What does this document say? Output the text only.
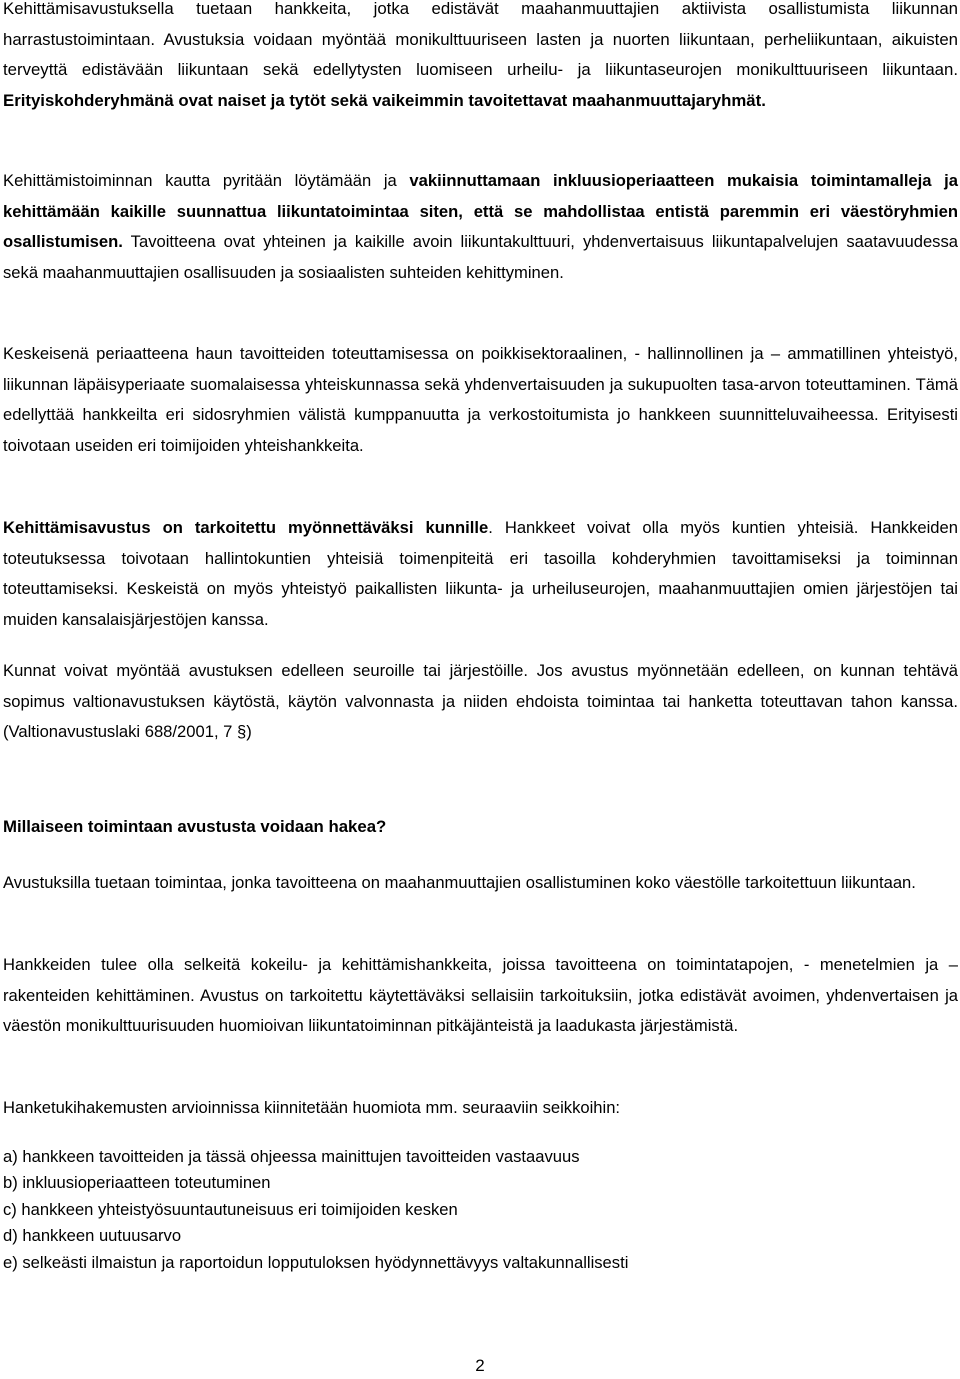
Kehittämisavustuksella tuetaan hankkeita, jotka edistävät maahanmuuttajien aktiivista osallistumista liikunnan harrastustoimintaan. Avustuksia voidaan myöntää monikulttuuriseen lasten ja nuorten liikuntaan, perheliikuntaan, aikuisten terveyttä edistävään liikuntaan sekä edellytysten luomiseen urheilu- ja liikuntaseurojen monikulttuuriseen liikuntaan. Erityiskohderyhmänä ovat naiset ja tytöt sekä vaikeimmin tavoitettavat maahanmuuttajaryhmät.

Kehittämistoiminnan kautta pyritään löytämään ja vakiinnuttamaan inkluusioperiaatteen mukaisia toimintamalleja ja kehittämään kaikille suunnattua liikuntatoimintaa siten, että se mahdollistaa entistä paremmin eri väestöryhmien osallistumisen. Tavoitteena ovat yhteinen ja kaikille avoin liikuntakulttuuri, yhdenvertaisuus liikuntapalvelujen saatavuudessa sekä maahanmuuttajien osallisuuden ja sosiaalisten suhteiden kehittyminen.

Keskeisenä periaatteena haun tavoitteiden toteuttamisessa on poikkisektoraalinen, - hallinnollinen ja – ammatillinen yhteistyö, liikunnan läpäisyperiaate suomalaisessa yhteiskunnassa sekä yhdenvertaisuuden ja sukupuolten tasa-arvon toteuttaminen. Tämä edellyttää hankkeilta eri sidosryhmien välistä kumppanuutta ja verkostoitumista jo hankkeen suunnitteluvaiheessa. Erityisesti toivotaan useiden eri toimijoiden yhteishankkeita.

Kehittämisavustus on tarkoitettu myönnettäväksi kunnille. Hankkeet voivat olla myös kuntien yhteisiä. Hankkeiden toteutuksessa toivotaan hallintokuntien yhteisiä toimenpiteitä eri tasoilla kohderyhmien tavoittamiseksi ja toiminnan toteuttamiseksi. Keskeistä on myös yhteistyö paikallisten liikunta- ja urheiluseurojen, maahanmuuttajien omien järjestöjen tai muiden kansalaisjärjestöjen kanssa.

Kunnat voivat myöntää avustuksen edelleen seuroille tai järjestöille. Jos avustus myönnetään edelleen, on kunnan tehtävä sopimus valtionavustuksen käytöstä, käytön valvonnasta ja niiden ehdoista toimintaa tai hanketta toteuttavan tahon kanssa. (Valtionavustuslaki 688/2001, 7 §)

Millaiseen toimintaan avustusta voidaan hakea?

Avustuksilla tuetaan toimintaa, jonka tavoitteena on maahanmuuttajien osallistuminen koko väestölle tarkoitettuun liikuntaan.

Hankkeiden tulee olla selkeitä kokeilu- ja kehittämishankkeita, joissa tavoitteena on toimintatapojen, - menetelmien ja – rakenteiden kehittäminen. Avustus on tarkoitettu käytettäväksi sellaisiin tarkoituksiin, jotka edistävät avoimen, yhdenvertaisen ja väestön monikulttuurisuuden huomioivan liikuntatoiminnan pitkäjänteistä ja laadukasta järjestämistä.

Hanketukihakemusten arvioinnissa kiinnitetään huomiota mm. seuraaviin seikkoihin:

a) hankkeen tavoitteiden ja tässä ohjeessa mainittujen tavoitteiden vastaavuus
b) inkluusioperiaatteen toteutuminen
c) hankkeen yhteistyösuuntautuneisuus eri toimijoiden kesken
d) hankkeen uutuusarvo
e) selkeästi ilmaistun ja raportoidun lopputuloksen hyödynnettävyys valtakunnallisesti
2
